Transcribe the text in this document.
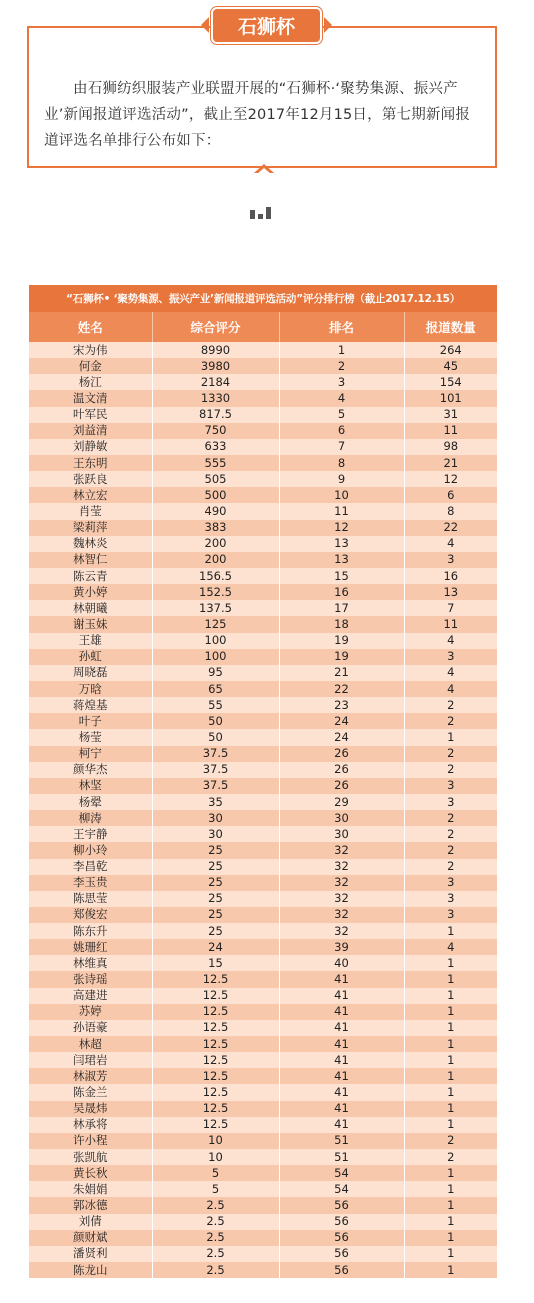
由石狮纺织服装产业联盟开展的“石狮杯·‘聚势集源、振兴产业’新闻报道评选活动”，截止至2017年12月15日，第七期新闻报道评选名单排行公布如下：
石狮杯
“石狮杯• ‘聚势集源、振兴产业’新闻报道评选活动”评分排行榜（截止2017.12.15）			
姓名	综合评分	排名	报道数量
宋为伟	8990	1	264
何金	3980	2	45
杨江	2184	3	154
温文清	1330	4	101
叶军民	817.5	5	31
刘益清	750	6	11
刘静敏	633	7	98
王东明	555	8	21
张跃良	505	9	12
林立宏	500	10	6
肖莹	490	11	8
梁莉萍	383	12	22
魏林炎	200	13	4
林智仁	200	13	3
陈云青	156.5	15	16
黄小婷	152.5	16	13
林朝曦	137.5	17	7
谢玉妹	125	18	11
王雄	100	19	4
孙虹	100	19	3
周晓磊	95	21	4
万晗	65	22	4
蒋煌基	55	23	2
叶子	50	24	2
杨莹	50	24	1
柯宁	37.5	26	2
颜华杰	37.5	26	2
林坚	37.5	26	3
杨翚	35	29	3
柳涛	30	30	2
王宇静	30	30	2
柳小玲	25	32	2
李昌乾	25	32	2
李玉贵	25	32	3
陈思莹	25	32	3
郑俊宏	25	32	3
陈东升	25	32	1
姚珊红	24	39	4
林维真	15	40	1
张诗瑶	12.5	41	1
高建进	12.5	41	1
苏婷	12.5	41	1
孙语豪	12.5	41	1
林超	12.5	41	1
闫珺岩	12.5	41	1
林淑芳	12.5	41	1
陈金兰	12.5	41	1
吴晟炜	12.5	41	1
林承将	12.5	41	1
许小程	10	51	2
张凯航	10	51	2
黄长秋	5	54	1
朱娟娟	5	54	1
郭冰德	2.5	56	1
刘倩	2.5	56	1
颜财斌	2.5	56	1
潘贤利	2.5	56	1
陈龙山	2.5	56	1
